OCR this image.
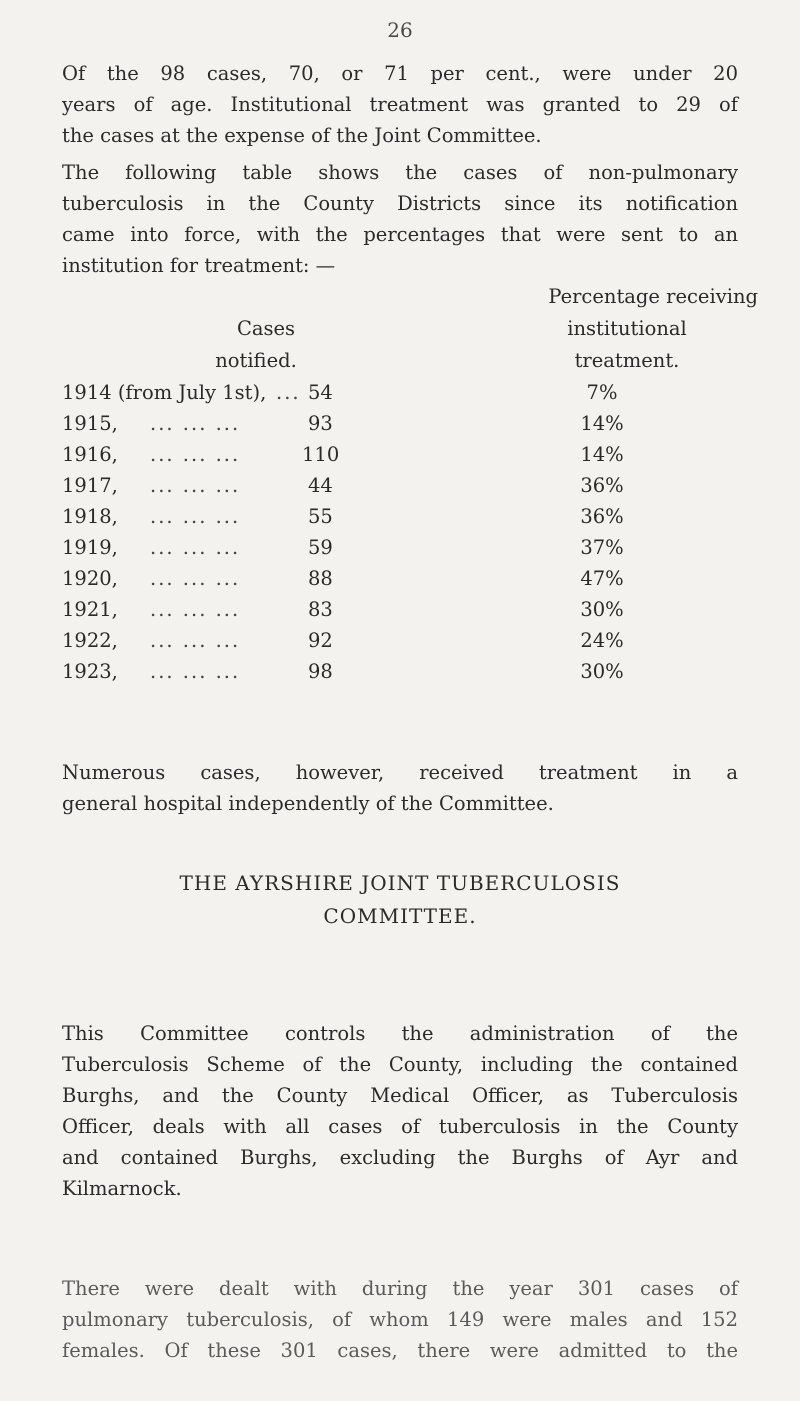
26

Of the 98 cases, 70, or 71 per cent., were under 20
years of age. Institutional treatment was granted to 29 of
the cases at the expense of the Joint Committee.

The following table shows the cases of non-pulmonary
tuberculosis in the County Districts since its notification
came into force, with the percentages that were sent to an
institution for treatment: —

Percentage receiving
Cases	institutional
notified.	treatment.
1914 (from July 1st), ... 54	7%
1915, ... ... ...	93	14%
1916, ... ... ...	110	14%
1917, ... ... ...	44	36%
1918, ... ... ...	55	36%
1919, ... ... ...	59	37%
1920, ... ... ...	88	47%
1921, ... ... ...	83	30%
1922, ... ... ...	92	24%
1923, ... ... ...	98	30%

Numerous cases, however, received treatment in a
general hospital independently of the Committee.

THE AYRSHIRE JOINT TUBERCULOSIS
COMMITTEE.

This Committee controls the administration of the
Tuberculosis Scheme of the County, including the contained
Burghs, and the County Medical Officer, as Tuberculosis
Officer, deals with all cases of tuberculosis in the County
and contained Burghs, excluding the Burghs of Ayr and
Kilmarnock.

There were dealt with during the year 301 cases of
pulmonary tuberculosis, of whom 149 were males and 152
females. Of these 301 cases, there were admitted to the
